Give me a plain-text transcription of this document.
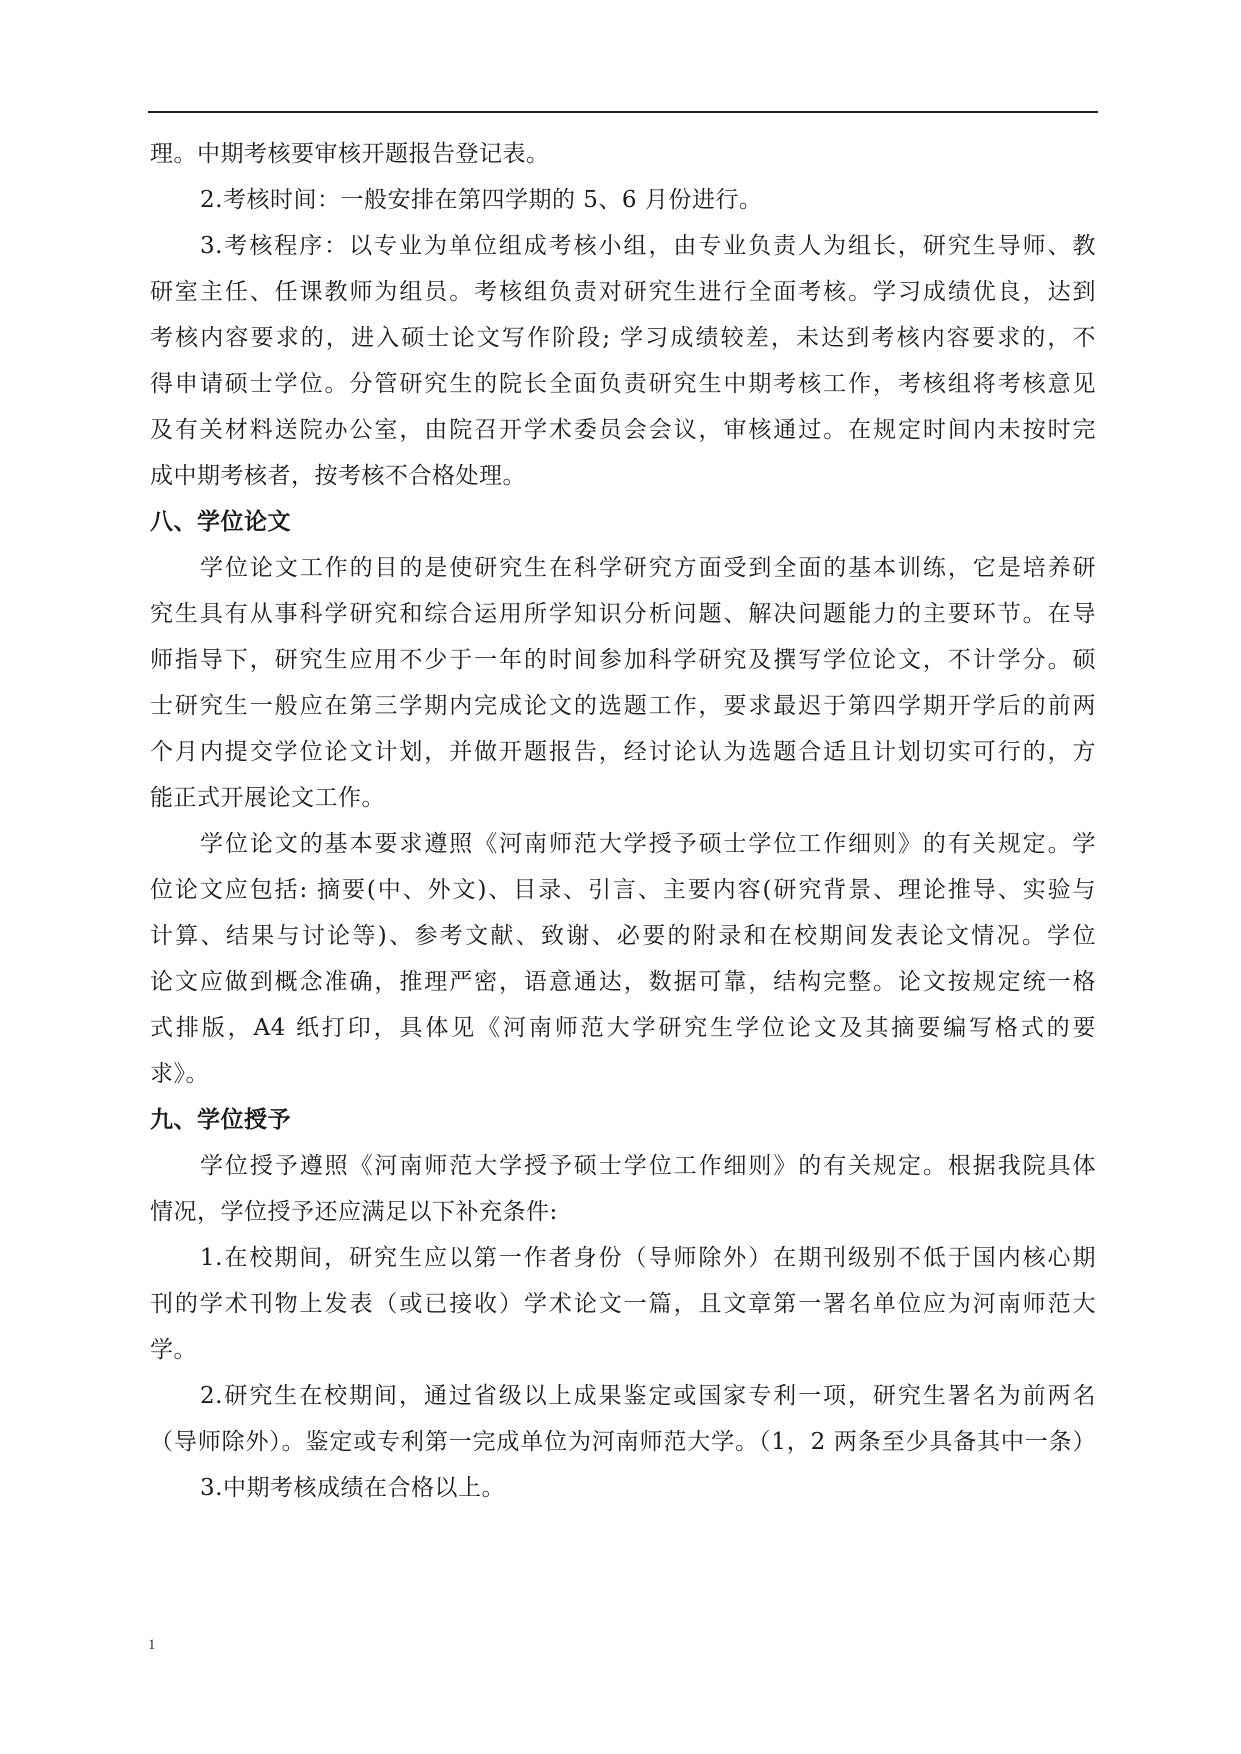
理。中期考核要审核开题报告登记表。
2.考核时间：一般安排在第四学期的 5、6 月份进行。
3.考核程序：以专业为单位组成考核小组，由专业负责人为组长，研究生导师、教
研室主任、任课教师为组员。考核组负责对研究生进行全面考核。学习成绩优良，达到
考核内容要求的，进入硕士论文写作阶段; 学习成绩较差，未达到考核内容要求的，不
得申请硕士学位。分管研究生的院长全面负责研究生中期考核工作，考核组将考核意见
及有关材料送院办公室，由院召开学术委员会会议，审核通过。在规定时间内未按时完
成中期考核者，按考核不合格处理。
八、学位论文
学位论文工作的目的是使研究生在科学研究方面受到全面的基本训练，它是培养研
究生具有从事科学研究和综合运用所学知识分析问题、解决问题能力的主要环节。在导
师指导下，研究生应用不少于一年的时间参加科学研究及撰写学位论文，不计学分。硕
士研究生一般应在第三学期内完成论文的选题工作，要求最迟于第四学期开学后的前两
个月内提交学位论文计划，并做开题报告，经讨论认为选题合适且计划切实可行的，方
能正式开展论文工作。
学位论文的基本要求遵照《河南师范大学授予硕士学位工作细则》的有关规定。学
位论文应包括: 摘要(中、外文)、目录、引言、主要内容(研究背景、理论推导、实验与
计算、结果与讨论等)、参考文献、致谢、必要的附录和在校期间发表论文情况。学位
论文应做到概念准确，推理严密，语意通达，数据可靠，结构完整。论文按规定统一格
式排版，A4 纸打印，具体见《河南师范大学研究生学位论文及其摘要编写格式的要
求》。
九、学位授予
学位授予遵照《河南师范大学授予硕士学位工作细则》的有关规定。根据我院具体
情况，学位授予还应满足以下补充条件:
1.在校期间，研究生应以第一作者身份（导师除外）在期刊级别不低于国内核心期
刊的学术刊物上发表（或已接收）学术论文一篇，且文章第一署名单位应为河南师范大
学。
2.研究生在校期间，通过省级以上成果鉴定或国家专利一项，研究生署名为前两名
（导师除外）。鉴定或专利第一完成单位为河南师范大学。（1，2 两条至少具备其中一条）
3.中期考核成绩在合格以上。
1
